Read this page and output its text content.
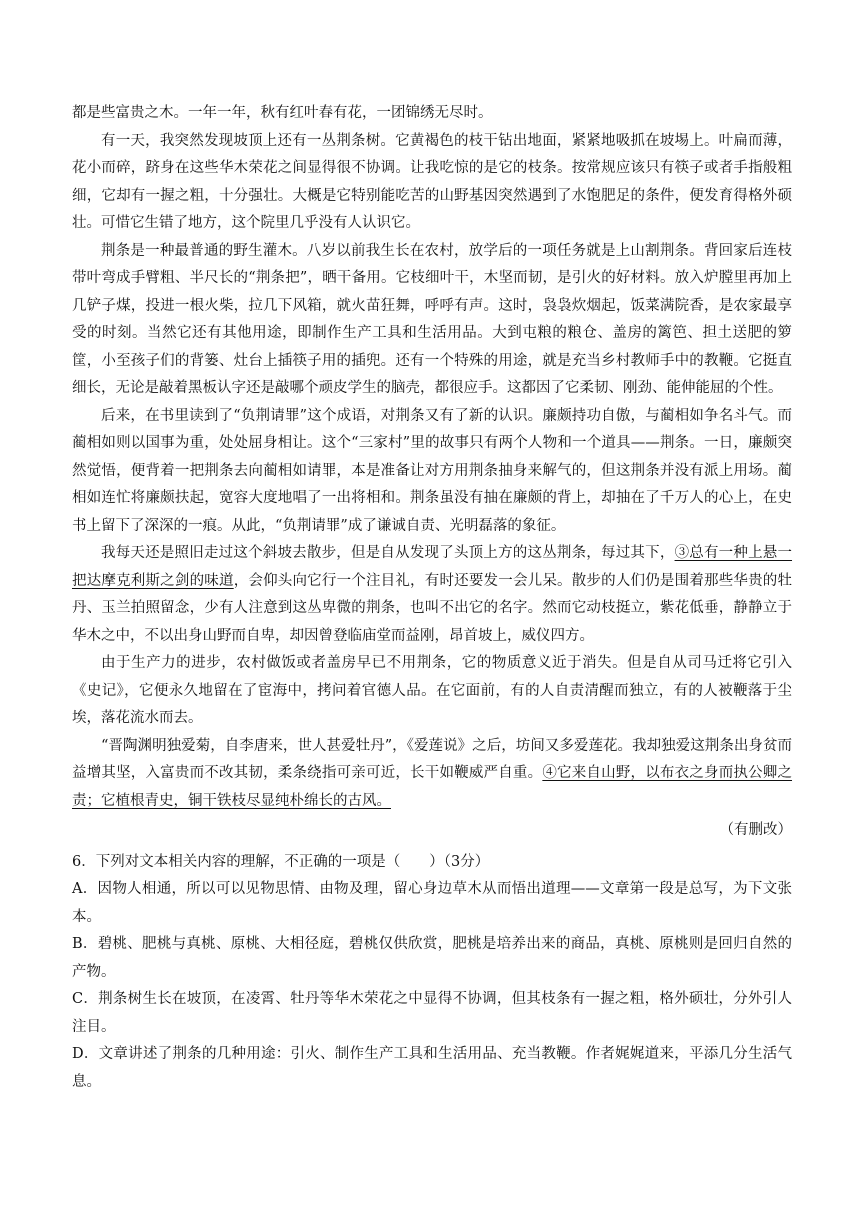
都是些富贵之木。一年一年，秋有红叶春有花，一团锦绣无尽时。

有一天，我突然发现坡顶上还有一丛荆条树。它黄褐色的枝干钻出地面，紧紧地吸抓在坡埸上。叶扁而薄，花小而碎，跻身在这些华木荣花之间显得很不协调。让我吃惊的是它的枝条。按常规应该只有筷子或者手指般粗细，它却有一握之粗，十分强壮。大概是它特别能吃苦的山野基因突然遇到了水饱肥足的条件，便发育得格外硕壮。可惜它生错了地方，这个院里几乎没有人认识它。

荆条是一种最普通的野生灌木。八岁以前我生长在农村，放学后的一项任务就是上山割荆条。背回家后连枝带叶弯成手臂粗、半尺长的“荆条把”，晒干备用。它枝细叶干，木坚而韧，是引火的好材料。放入炉膛里再加上几铲子煤，投进一根火柴，拉几下风箱，就火苗狂舞，呼呼有声。这时，袅袅炊烟起，饭菜满院香，是农家最享受的时刻。当然它还有其他用途，即制作生产工具和生活用品。大到屯粮的粮仓、盖房的篱笆、担土送肥的箩筐，小至孩子们的背篓、灶台上插筷子用的插兜。还有一个特殊的用途，就是充当乡村教师手中的教鞭。它挺直细长，无论是敲着黑板认字还是敲哪个顽皮学生的脑壳，都很应手。这都因了它柔韧、刚劲、能伸能屈的个性。

后来，在书里读到了“负荆请罪”这个成语，对荆条又有了新的认识。廉颇持功自傲，与蔺相如争名斗气。而蔺相如则以国事为重，处处屈身相让。这个“三家村”里的故事只有两个人物和一个道具——荆条。一日，廉颇突然觉悟，便背着一把荆条去向蔺相如请罪，本是准备让对方用荆条抽身来解气的，但这荆条并没有派上用场。蔺相如连忙将廉颇扶起，宽容大度地唱了一出将相和。荆条虽没有抽在廉颇的背上，却抽在了千万人的心上，在史书上留下了深深的一痕。从此，“负荆请罪”成了谦诚自责、光明磊落的象征。

我每天还是照旧走过这个斜坡去散步，但是自从发现了头顶上方的这丛荆条，每过其下，③总有一种上悬一把达摩克利斯之剑的味道，会仰头向它行一个注目礼，有时还要发一会儿呆。散步的人们仍是围着那些华贵的牡丹、玉兰拍照留念，少有人注意到这丛卑微的荆条，也叫不出它的名字。然而它动枝挺立，紫花低垂，静静立于华木之中，不以出身山野而自卑，却因曾登临庙堂而益刚，昂首坡上，威仪四方。

由于生产力的进步，农村做饭或者盖房早已不用荆条，它的物质意义近于消失。但是自从司马迁将它引入《史记》，它便永久地留在了宦海中，拷问着官德人品。在它面前，有的人自责清醒而独立，有的人被鞭落于尘埃，落花流水而去。

“晋陶渊明独爱菊，自李唐来，世人甚爱牡丹”，《爱莲说》之后，坊间又多爱莲花。我却独爱这荆条出身贫而益增其坚，入富贵而不改其韧，柔条绕指可亲可近，长干如鞭威严自重。④它来自山野，以布衣之身而执公卿之责；它植根青史，铜干铁枝尽显纯朴绵长的古风。

（有删改）

6．下列对文本相关内容的理解，不正确的一项是（　　）（3分）

A．因物人相通，所以可以见物思情、由物及理，留心身边草木从而悟出道理——文章第一段是总写，为下文张本。

B．碧桃、肥桃与真桃、原桃、大相径庭，碧桃仅供欣赏，肥桃是培养出来的商品，真桃、原桃则是回归自然的产物。

C．荆条树生长在坡顶，在凌霄、牡丹等华木荣花之中显得不协调，但其枝条有一握之粗，格外硕壮，分外引人注目。

D．文章讲述了荆条的几种用途：引火、制作生产工具和生活用品、充当教鞭。作者娓娓道来，平添几分生活气息。
